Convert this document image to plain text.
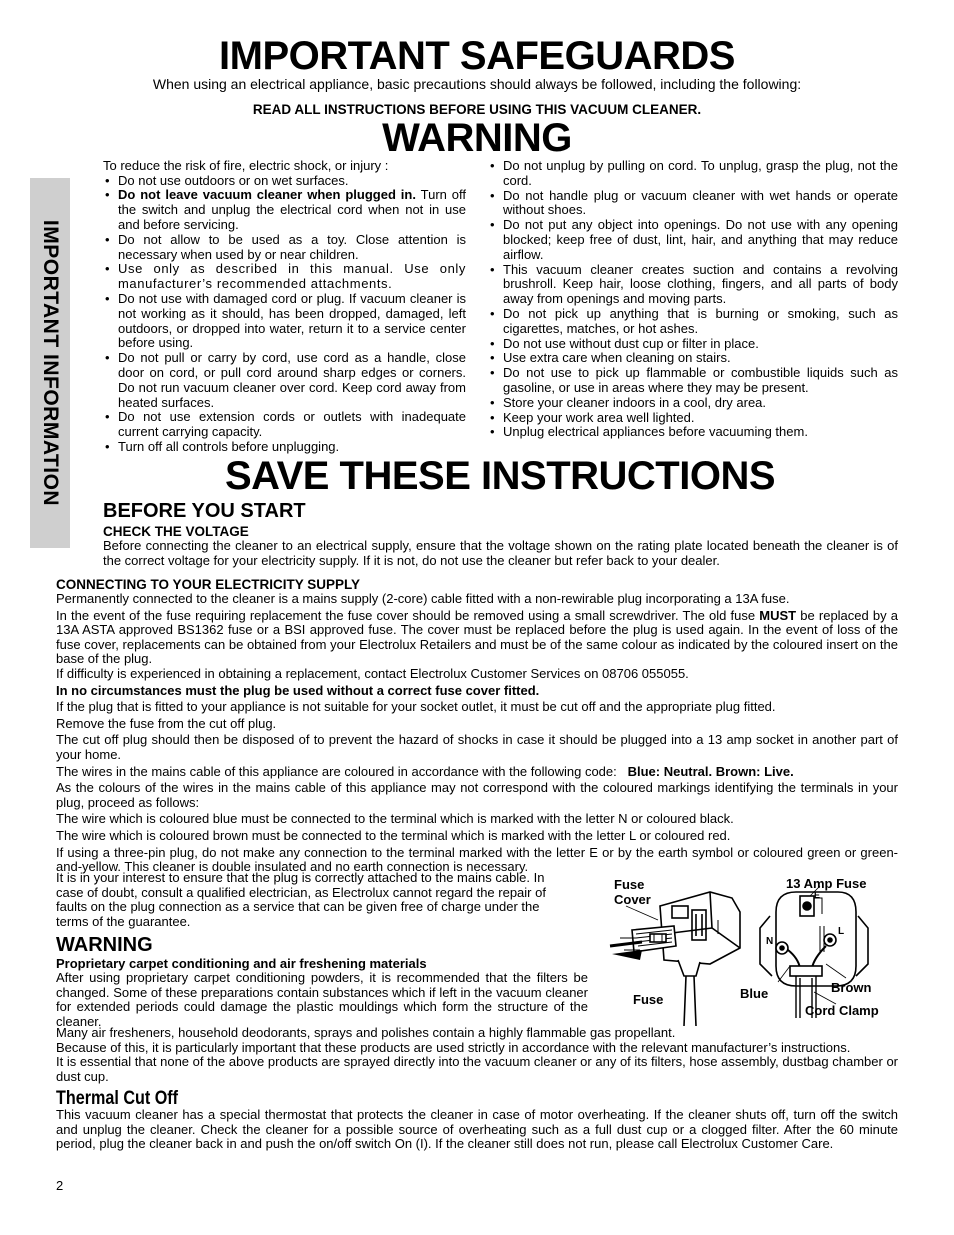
IMPORTANT SAFEGUARDS
When using an electrical appliance, basic precautions should always be followed, including the following:
READ ALL INSTRUCTIONS BEFORE USING THIS VACUUM CLEANER.
WARNING
IMPORTANT INFORMATION
To reduce the risk of fire, electric shock, or injury :
• Do not use outdoors or on wet surfaces.
• Do not leave vacuum cleaner when plugged in. Turn off the switch and unplug the electrical cord when not in use and before servicing.
• Do not allow to be used as a toy. Close attention is necessary when used by or near children.
• Use only as described in this manual. Use only manufacturer’s recommended attachments.
• Do not use with damaged cord or plug. If vacuum cleaner is not working as it should, has been dropped, damaged, left outdoors, or dropped into water, return it to a service center before using.
• Do not pull or carry by cord, use cord as a handle, close door on cord, or pull cord around sharp edges or corners. Do not run vacuum cleaner over cord. Keep cord away from heated surfaces.
• Do not use extension cords or outlets with inadequate current carrying capacity.
• Turn off all controls before unplugging.
• Do not unplug by pulling on cord. To unplug, grasp the plug, not the cord.
• Do not handle plug or vacuum cleaner with wet hands or operate without shoes.
• Do not put any object into openings. Do not use with any opening blocked; keep free of dust, lint, hair, and anything that may reduce airflow.
• This vacuum cleaner creates suction and contains a revolving brushroll. Keep hair, loose clothing, fingers, and all parts of body away from openings and moving parts.
• Do not pick up anything that is burning or smoking, such as cigarettes, matches, or hot ashes.
• Do not use without dust cup or filter in place.
• Use extra care when cleaning on stairs.
• Do not use to pick up flammable or combustible liquids such as gasoline, or use in areas where they may be present.
• Store your cleaner indoors in a cool, dry area.
• Keep your work area well lighted.
• Unplug electrical appliances before vacuuming them.
SAVE THESE INSTRUCTIONS
BEFORE YOU START
CHECK THE VOLTAGE

Before connecting the cleaner to an electrical supply, ensure that the voltage shown on the rating plate located beneath the cleaner is of the correct voltage for your electricity supply. If it is not, do not use the cleaner but refer back to your dealer.

CONNECTING TO YOUR ELECTRICITY SUPPLY

Permanently connected to the cleaner is a mains supply (2-core) cable fitted with a non-rewirable plug incorporating a 13A fuse.

In the event of the fuse requiring replacement the fuse cover should be removed using a small screwdriver. The old fuse MUST be replaced by a 13A ASTA approved BS1362 fuse or a BSI approved fuse. The cover must be replaced before the plug is used again. In the event of loss of the fuse cover, replacements can be obtained from your Electrolux Retailers and must be of the same colour as indicated by the coloured insert on the base of the plug.

If difficulty is experienced in obtaining a replacement, contact Electrolux Customer Services on 08706 055055.

In no circumstances must the plug be used without a correct fuse cover fitted.

If the plug that is fitted to your appliance is not suitable for your socket outlet, it must be cut off and the appropriate plug fitted.

Remove the fuse from the cut off plug.

The cut off plug should then be disposed of to prevent the hazard of shocks in case it should be plugged into a 13 amp socket in another part of your home.

The wires in the mains cable of this appliance are coloured in accordance with the following code: Blue: Neutral. Brown: Live.

As the colours of the wires in the mains cable of this appliance may not correspond with the coloured markings identifying the terminals in your plug, proceed as follows:

The wire which is coloured blue must be connected to the terminal which is marked with the letter N or coloured black.

The wire which is coloured brown must be connected to the terminal which is marked with the letter L or coloured red.

If using a three-pin plug, do not make any connection to the terminal marked with the letter E or by the earth symbol or coloured green or green-and-yellow. This cleaner is double insulated and no earth connection is necessary.

It is in your interest to ensure that the plug is correctly attached to the mains cable. In case of doubt, consult a qualified electrician, as Electrolux cannot regard the repair of faults on the plug connection as a service that can be given free of charge under the terms of the guarantee.

Fuse Cover
Fuse
13 Amp Fuse
Blue	Brown
Cord Clamp
N
L
E
WARNING
Proprietary carpet conditioning and air freshening materials

After using proprietary carpet conditioning powders, it is recommended that the filters be changed. Some of these preparations contain substances which if left in the vacuum cleaner for extended periods could damage the plastic mouldings which form the structure of the cleaner.

Many air fresheners, household deodorants, sprays and polishes contain a highly flammable gas propellant.

Because of this, it is particularly important that these products are used strictly in accordance with the relevant manufacturer’s instructions.

It is essential that none of the above products are sprayed directly into the vacuum cleaner or any of its filters, hose assembly, dustbag chamber or dust cup.

Thermal Cut Off

This vacuum cleaner has a special thermostat that protects the cleaner in case of motor overheating. If the cleaner shuts off, turn off the switch and unplug the cleaner. Check the cleaner for a possible source of overheating such as a full dust cup or a clogged filter. After the 60 minute period, plug the cleaner back in and push the on/off switch On (I). If the cleaner still does not run, please call Electrolux Customer Care.

2
